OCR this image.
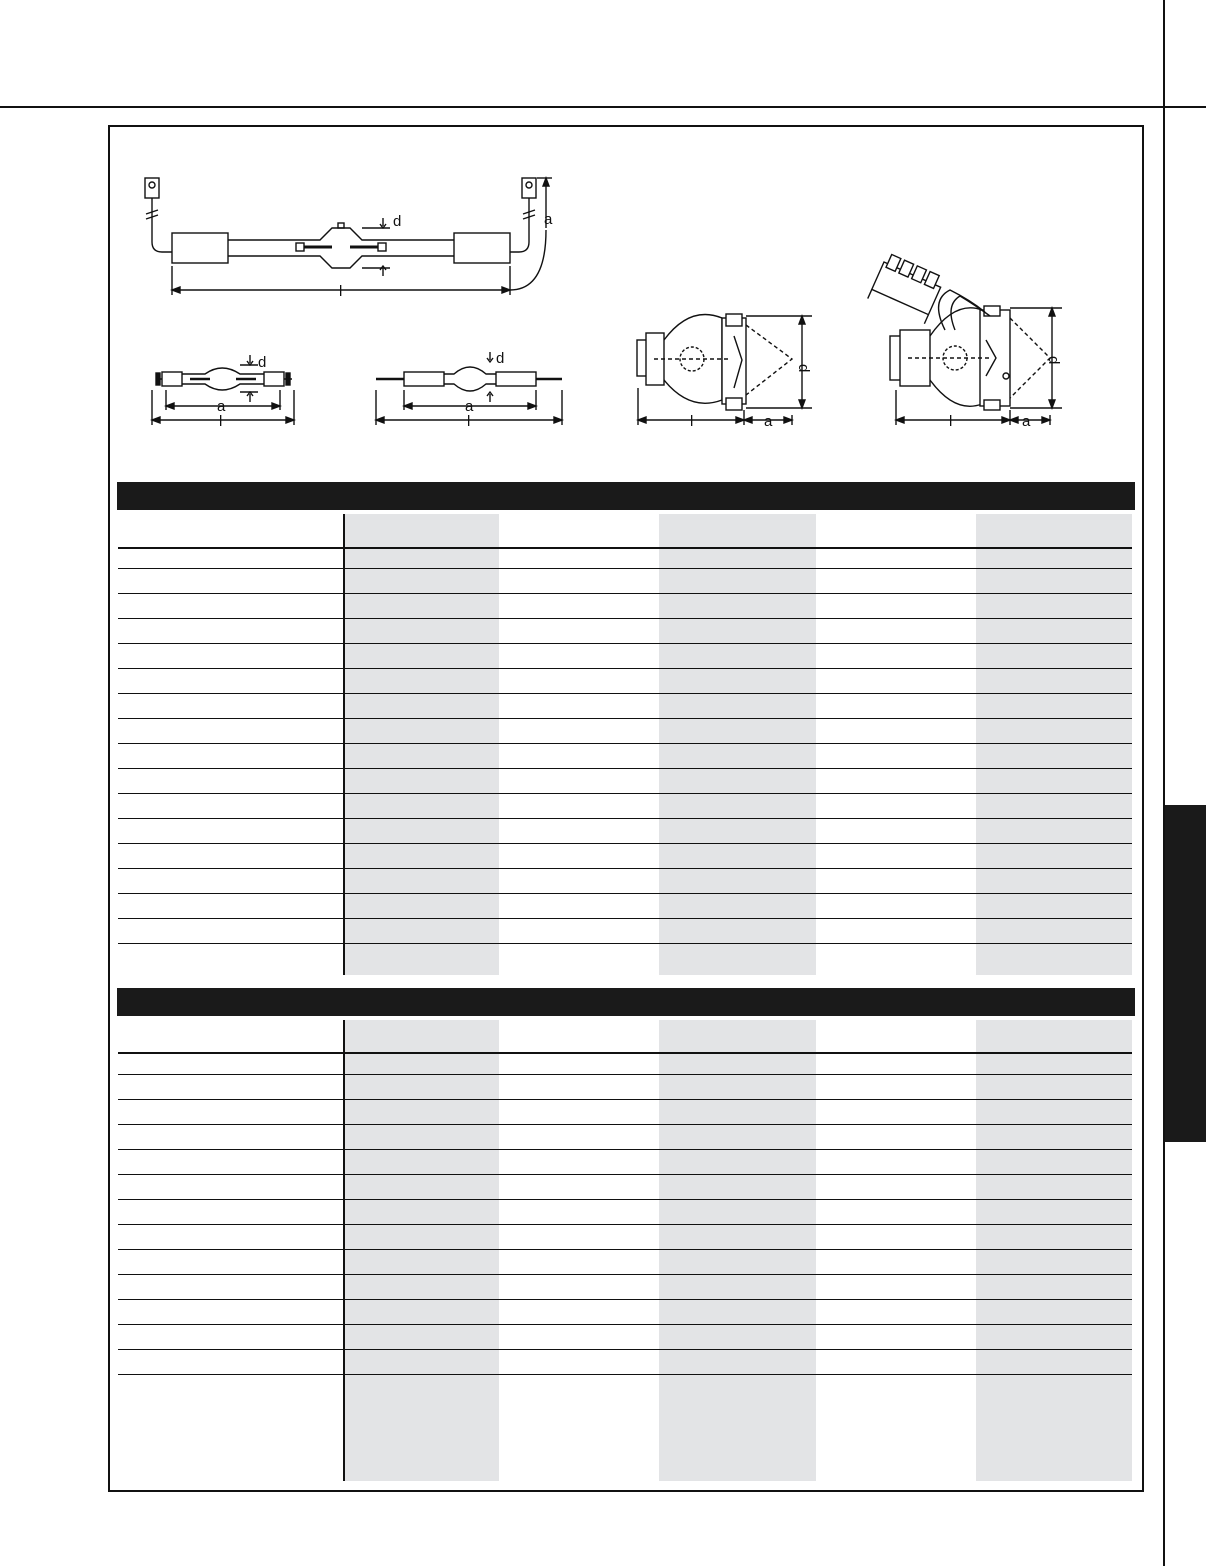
d	a
l
d
a
l
d
a
l	l	a	l	a
d
d
